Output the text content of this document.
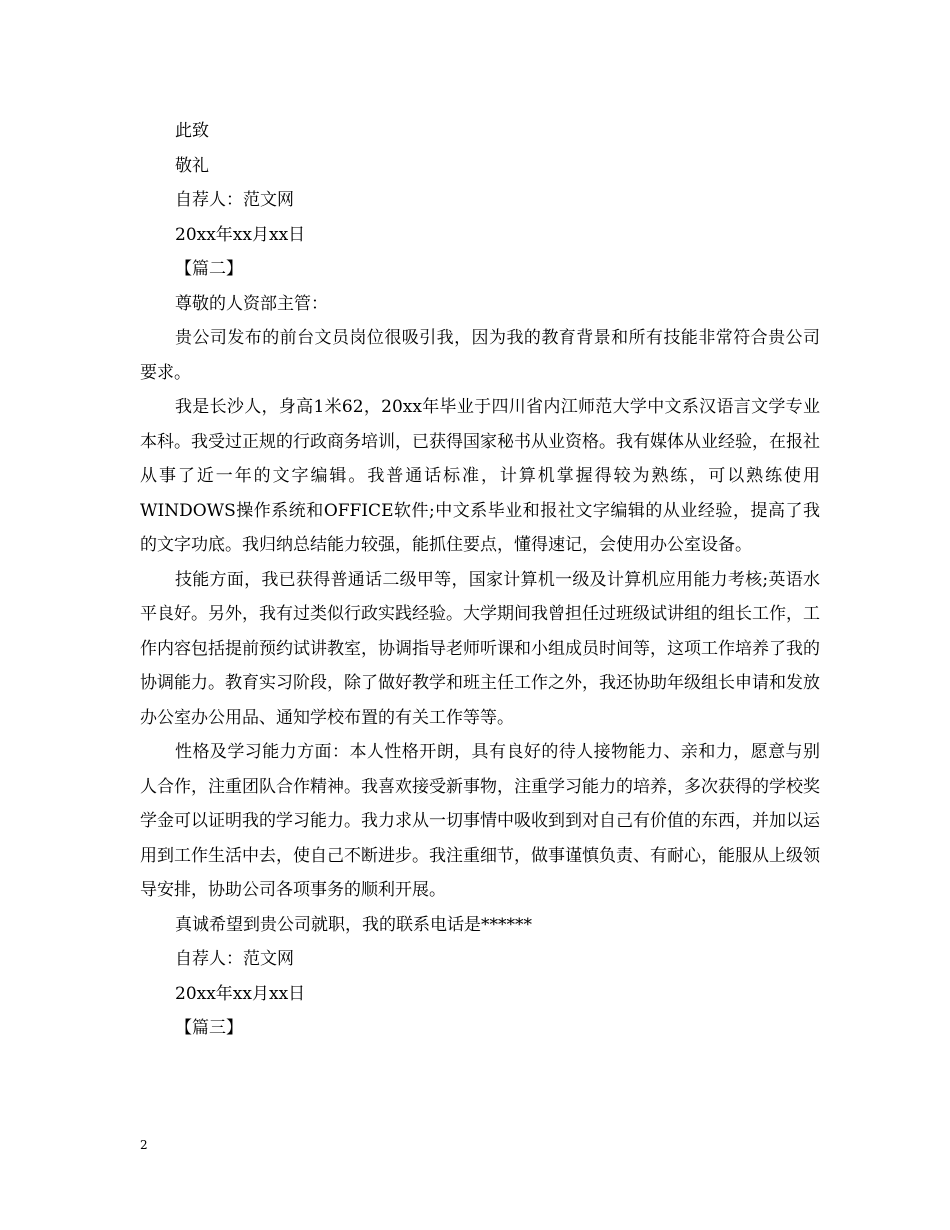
此致
敬礼
自荐人：范文网
20xx年xx月xx日
【篇二】
尊敬的人资部主管：

贵公司发布的前台文员岗位很吸引我，因为我的教育背景和所有技能非常符合贵公司要求。

我是长沙人，身高1米62，20xx年毕业于四川省内江师范大学中文系汉语言文学专业本科。我受过正规的行政商务培训，已获得国家秘书从业资格。我有媒体从业经验，在报社从事了近一年的文字编辑。我普通话标准，计算机掌握得较为熟练，可以熟练使用WINDOWS操作系统和OFFICE软件;中文系毕业和报社文字编辑的从业经验，提高了我的文字功底。我归纳总结能力较强，能抓住要点，懂得速记，会使用办公室设备。

技能方面，我已获得普通话二级甲等，国家计算机一级及计算机应用能力考核;英语水平良好。另外，我有过类似行政实践经验。大学期间我曾担任过班级试讲组的组长工作，工作内容包括提前预约试讲教室，协调指导老师听课和小组成员时间等，这项工作培养了我的协调能力。教育实习阶段，除了做好教学和班主任工作之外，我还协助年级组长申请和发放办公室办公用品、通知学校布置的有关工作等等。

性格及学习能力方面：本人性格开朗，具有良好的待人接物能力、亲和力，愿意与别人合作，注重团队合作精神。我喜欢接受新事物，注重学习能力的培养，多次获得的学校奖学金可以证明我的学习能力。我力求从一切事情中吸收到到对自己有价值的东西，并加以运用到工作生活中去，使自己不断进步。我注重细节，做事谨慎负责、有耐心，能服从上级领导安排，协助公司各项事务的顺利开展。

真诚希望到贵公司就职，我的联系电话是******

自荐人：范文网
20xx年xx月xx日
【篇三】
2
